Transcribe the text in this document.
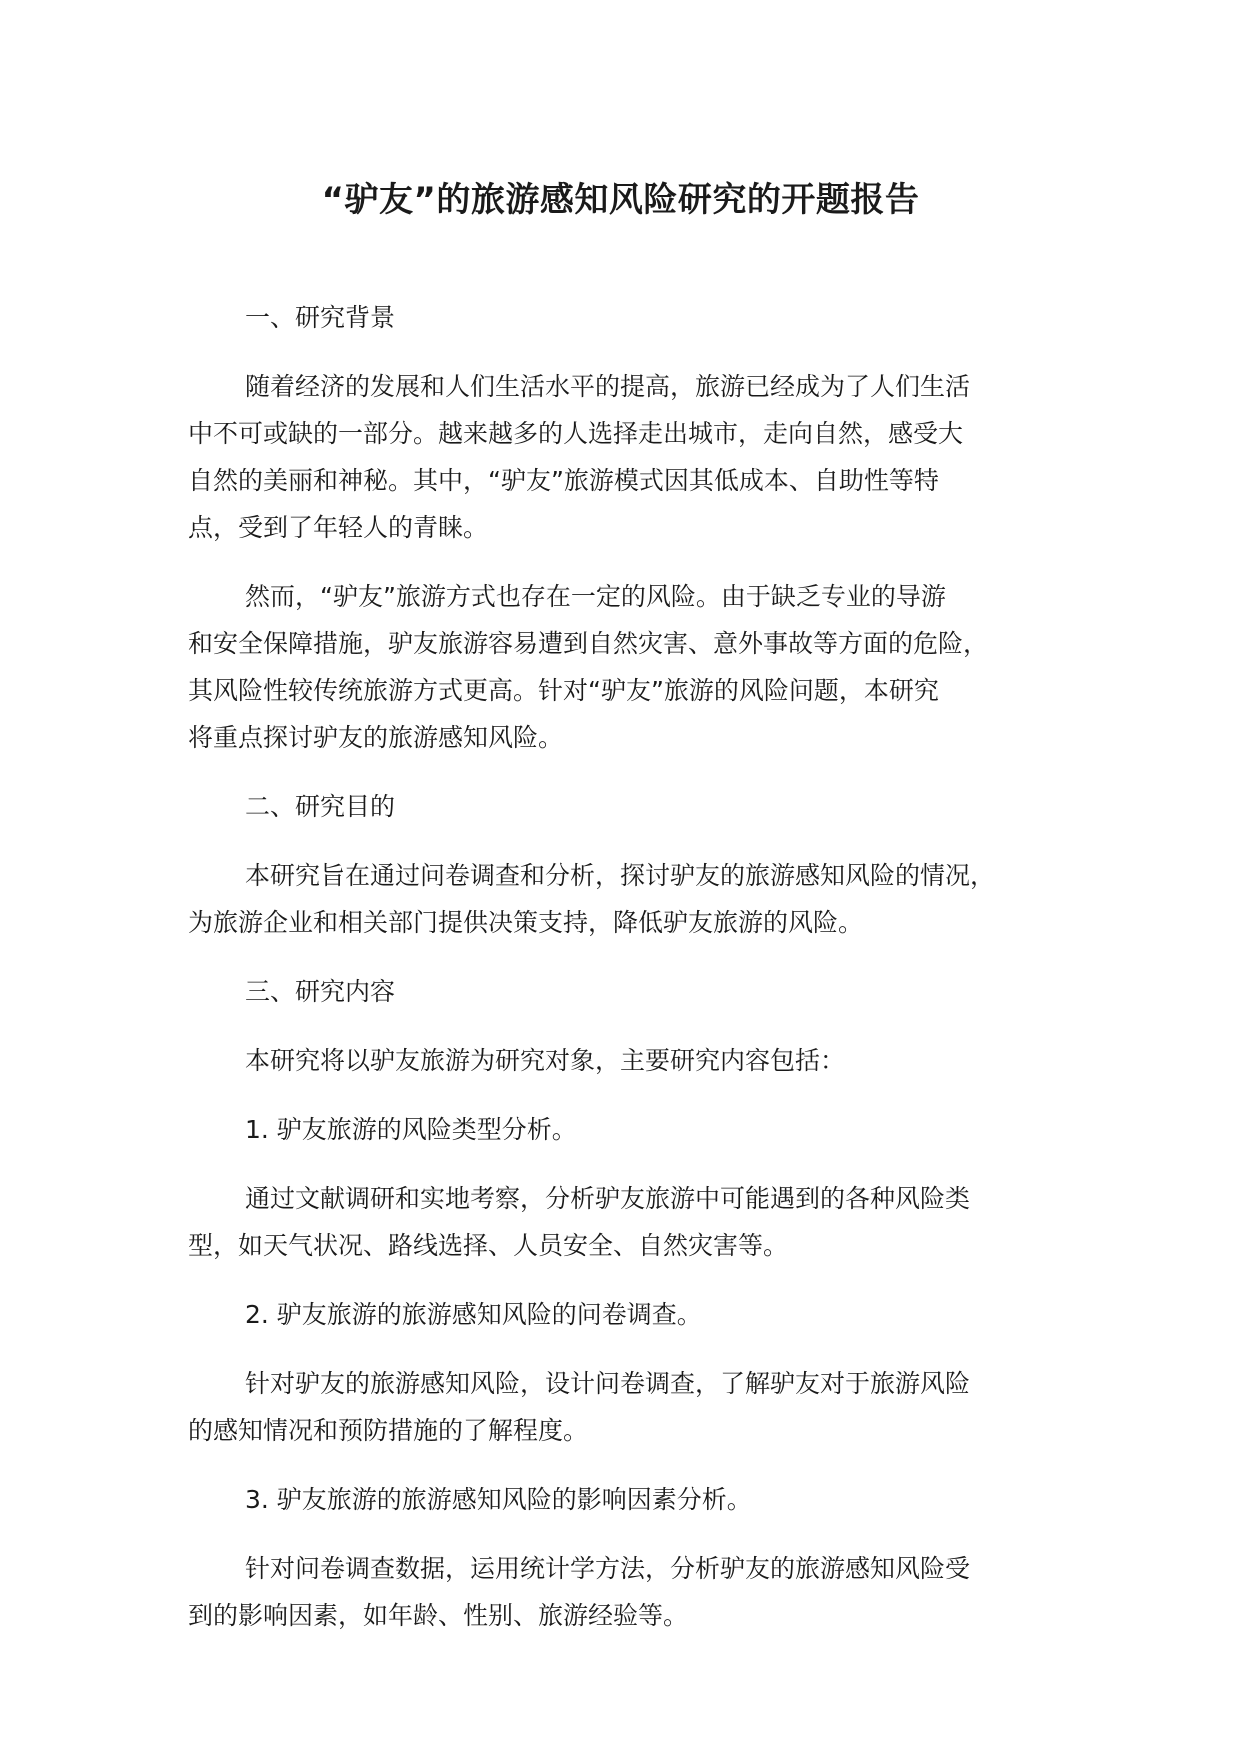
“驴友”的旅游感知风险研究的开题报告

一、研究背景

随着经济的发展和人们生活水平的提高，旅游已经成为了人们生活
中不可或缺的一部分。越来越多的人选择走出城市，走向自然，感受大
自然的美丽和神秘。其中，“驴友”旅游模式因其低成本、自助性等特
点，受到了年轻人的青睐。

然而，“驴友”旅游方式也存在一定的风险。由于缺乏专业的导游
和安全保障措施，驴友旅游容易遭到自然灾害、意外事故等方面的危险，
其风险性较传统旅游方式更高。针对“驴友”旅游的风险问题，本研究
将重点探讨驴友的旅游感知风险。

二、研究目的

本研究旨在通过问卷调查和分析，探讨驴友的旅游感知风险的情况，
为旅游企业和相关部门提供决策支持，降低驴友旅游的风险。

三、研究内容

本研究将以驴友旅游为研究对象，主要研究内容包括：

1. 驴友旅游的风险类型分析。

通过文献调研和实地考察，分析驴友旅游中可能遇到的各种风险类
型，如天气状况、路线选择、人员安全、自然灾害等。

2. 驴友旅游的旅游感知风险的问卷调查。

针对驴友的旅游感知风险，设计问卷调查，了解驴友对于旅游风险
的感知情况和预防措施的了解程度。

3. 驴友旅游的旅游感知风险的影响因素分析。

针对问卷调查数据，运用统计学方法，分析驴友的旅游感知风险受
到的影响因素，如年龄、性别、旅游经验等。
